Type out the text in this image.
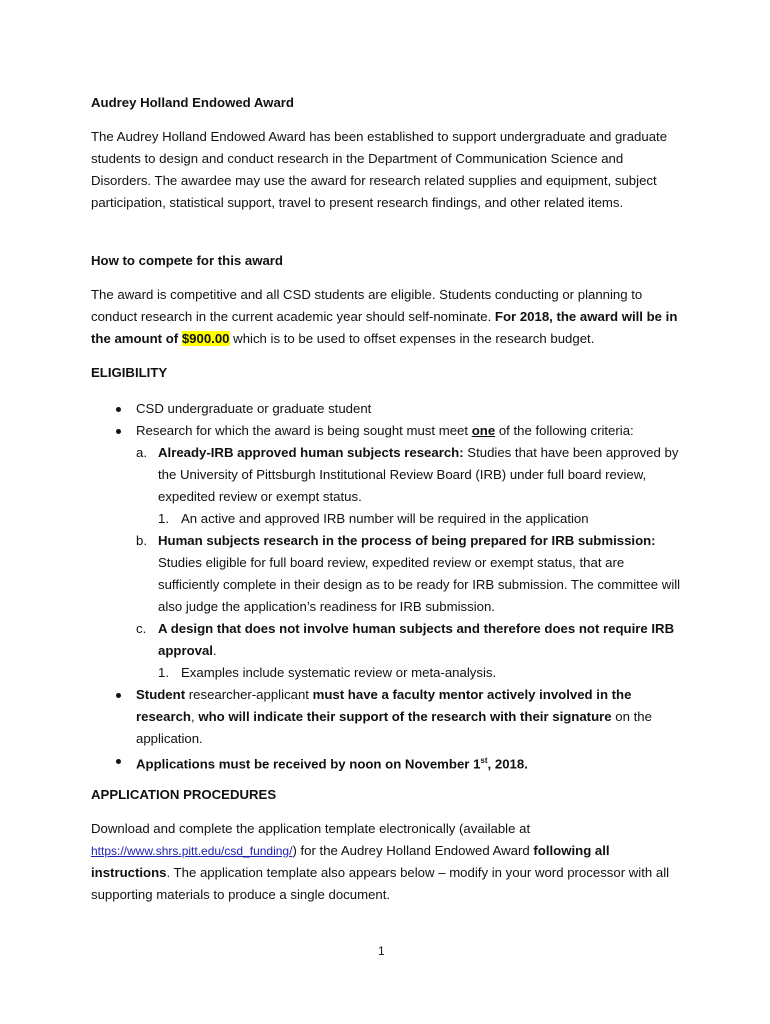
Audrey Holland Endowed Award

The Audrey Holland Endowed Award has been established to support undergraduate and graduate students to design and conduct research in the Department of Communication Science and Disorders. The awardee may use the award for research related supplies and equipment, subject participation, statistical support, travel to present research findings, and other related items.

How to compete for this award

The award is competitive and all CSD students are eligible. Students conducting or planning to conduct research in the current academic year should self-nominate. For 2018, the award will be in the amount of $900.00 which is to be used to offset expenses in the research budget.

ELIGIBILITY

CSD undergraduate or graduate student
Research for which the award is being sought must meet one of the following criteria:
a. Already-IRB approved human subjects research: Studies that have been approved by the University of Pittsburgh Institutional Review Board (IRB) under full board review, expedited review or exempt status.
1. An active and approved IRB number will be required in the application
b. Human subjects research in the process of being prepared for IRB submission: Studies eligible for full board review, expedited review or exempt status, that are sufficiently complete in their design as to be ready for IRB submission. The committee will also judge the application’s readiness for IRB submission.
c. A design that does not involve human subjects and therefore does not require IRB approval.
1. Examples include systematic review or meta-analysis.
Student researcher-applicant must have a faculty mentor actively involved in the research, who will indicate their support of the research with their signature on the application.
Applications must be received by noon on November 1st, 2018.

APPLICATION PROCEDURES

Download and complete the application template electronically (available at https://www.shrs.pitt.edu/csd_funding/) for the Audrey Holland Endowed Award following all instructions. The application template also appears below – modify in your word processor with all supporting materials to produce a single document.

1
